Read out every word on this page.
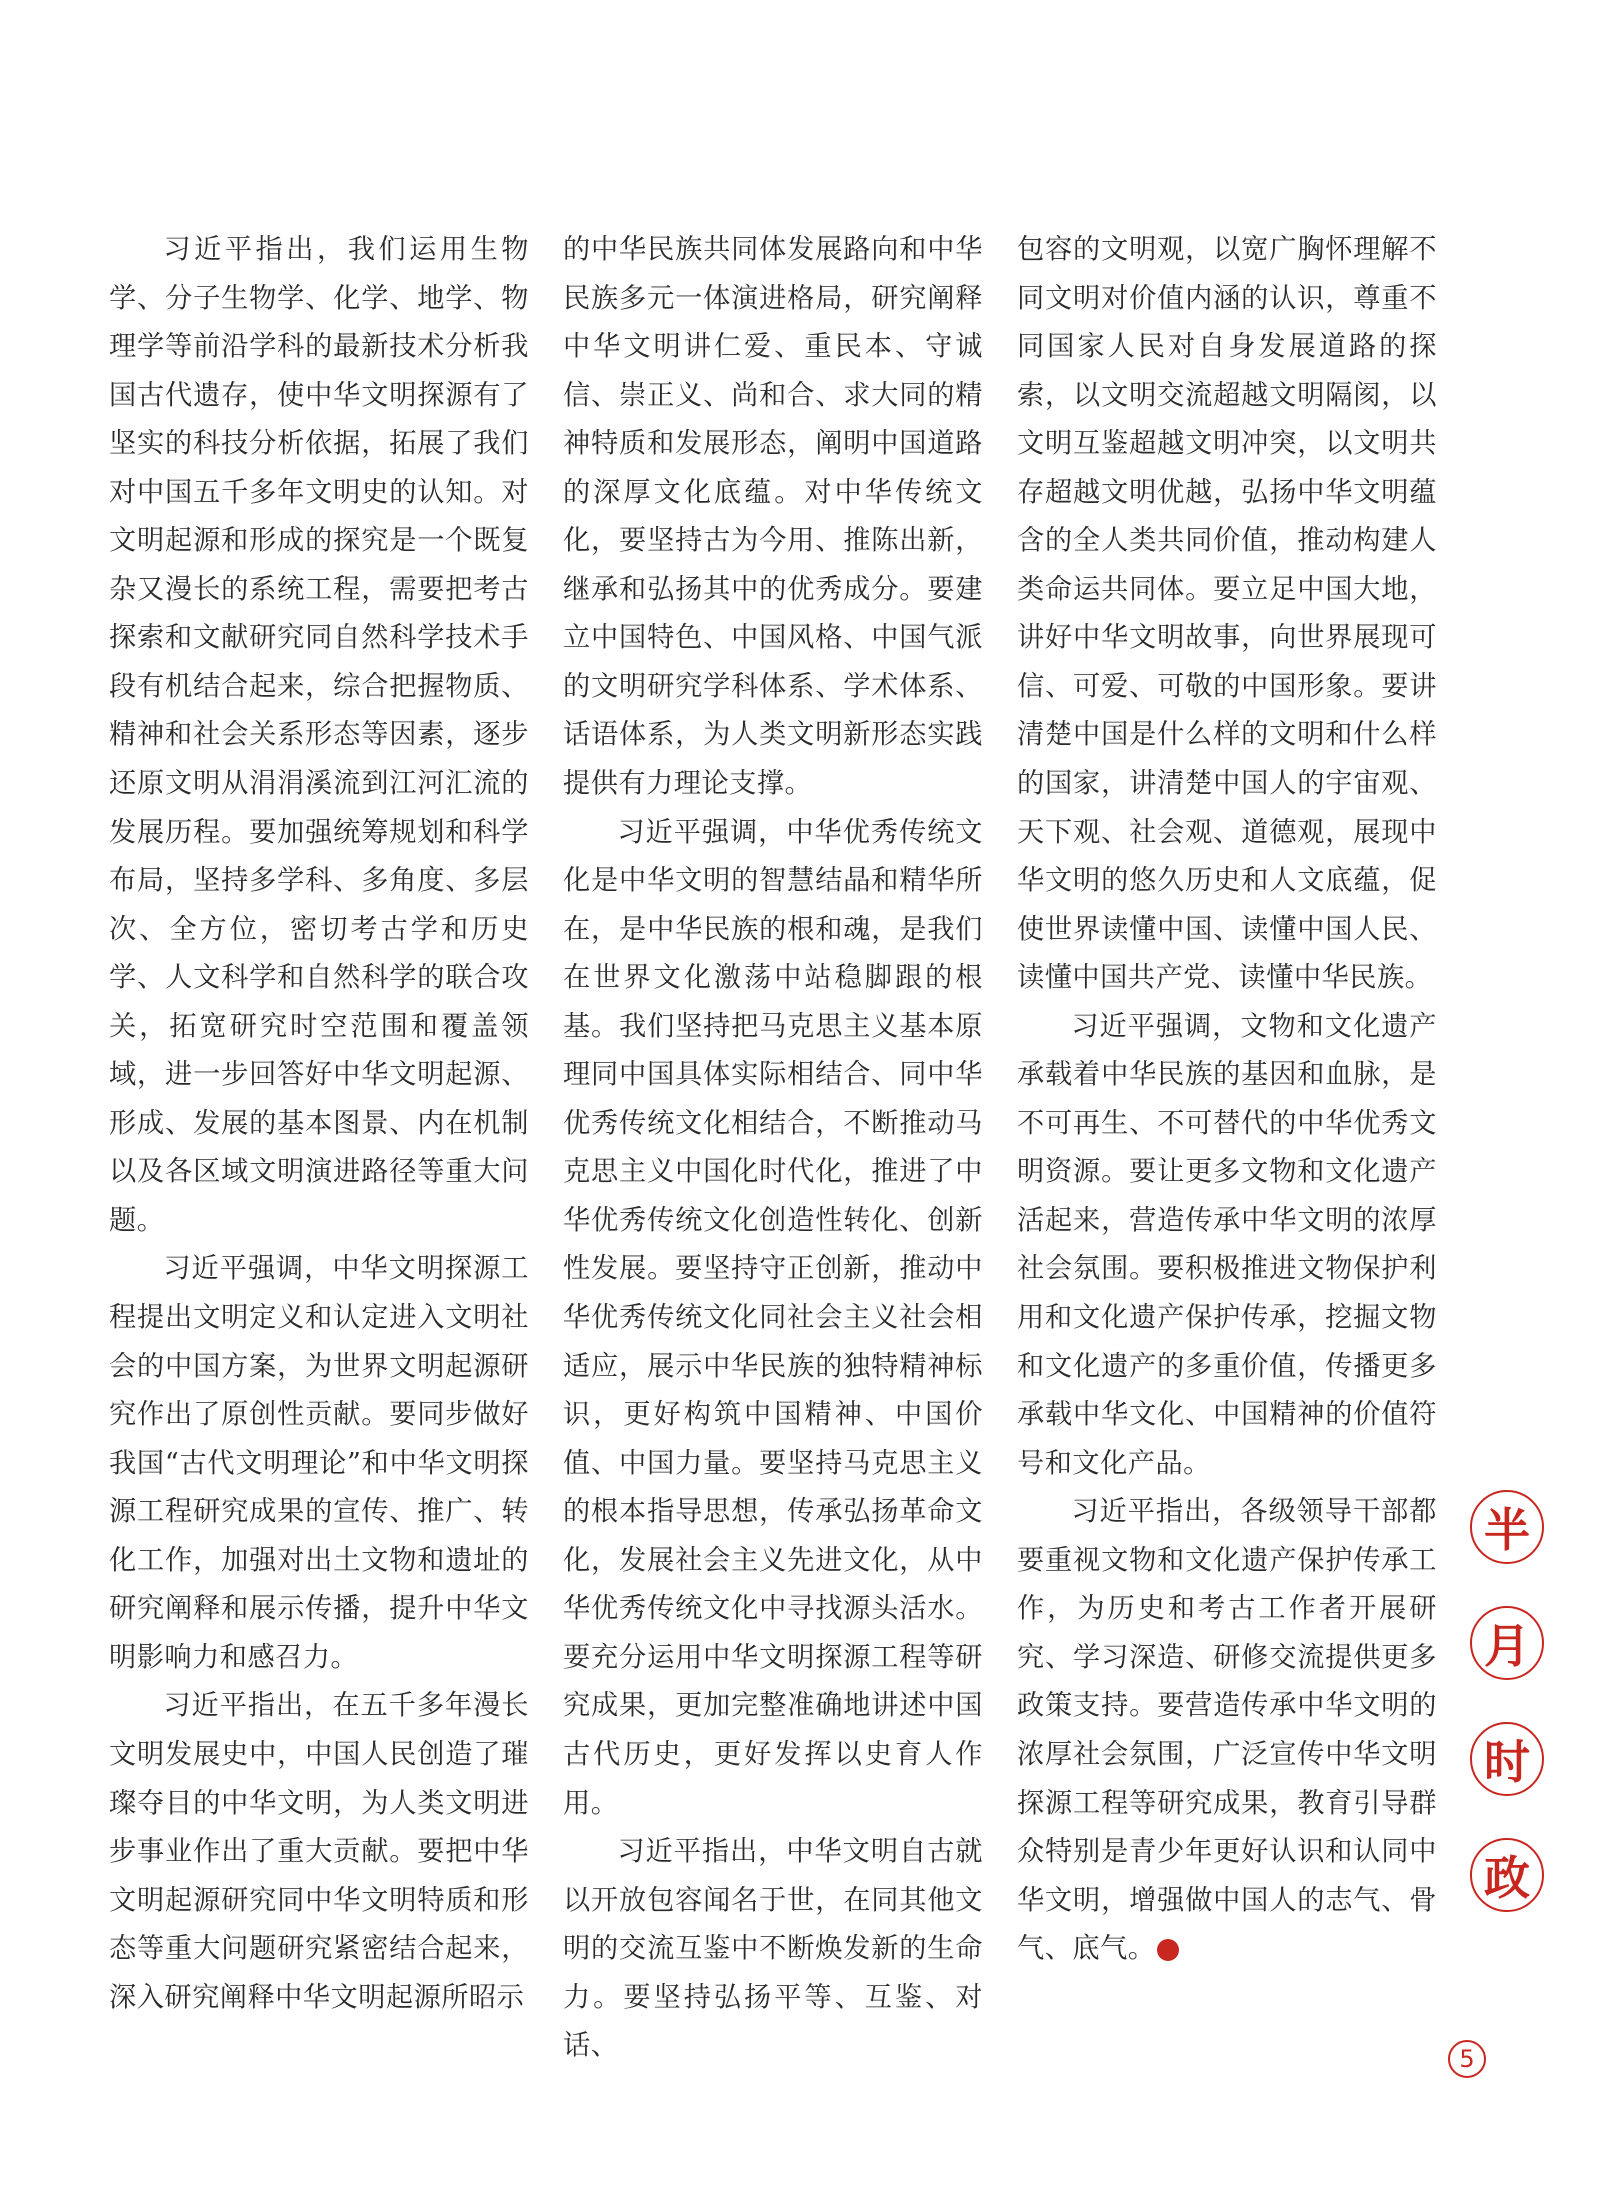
习近平指出，我们运用生物学、分子生物学、化学、地学、物理学等前沿学科的最新技术分析我国古代遗存，使中华文明探源有了坚实的科技分析依据，拓展了我们对中国五千多年文明史的认知。对文明起源和形成的探究是一个既复杂又漫长的系统工程，需要把考古探索和文献研究同自然科学技术手段有机结合起来，综合把握物质、精神和社会关系形态等因素，逐步还原文明从涓涓溪流到江河汇流的发展历程。要加强统筹规划和科学布局，坚持多学科、多角度、多层次、全方位，密切考古学和历史学、人文科学和自然科学的联合攻关，拓宽研究时空范围和覆盖领域，进一步回答好中华文明起源、形成、发展的基本图景、内在机制以及各区域文明演进路径等重大问题。

习近平强调，中华文明探源工程提出文明定义和认定进入文明社会的中国方案，为世界文明起源研究作出了原创性贡献。要同步做好我国“古代文明理论”和中华文明探源工程研究成果的宣传、推广、转化工作，加强对出土文物和遗址的研究阐释和展示传播，提升中华文明影响力和感召力。

习近平指出，在五千多年漫长文明发展史中，中国人民创造了璀璨夺目的中华文明，为人类文明进步事业作出了重大贡献。要把中华文明起源研究同中华文明特质和形态等重大问题研究紧密结合起来，深入研究阐释中华文明起源所昭示

的中华民族共同体发展路向和中华民族多元一体演进格局，研究阐释中华文明讲仁爱、重民本、守诚信、崇正义、尚和合、求大同的精神特质和发展形态，阐明中国道路的深厚文化底蕴。对中华传统文化，要坚持古为今用、推陈出新，继承和弘扬其中的优秀成分。要建立中国特色、中国风格、中国气派的文明研究学科体系、学术体系、话语体系，为人类文明新形态实践提供有力理论支撑。

习近平强调，中华优秀传统文化是中华文明的智慧结晶和精华所在，是中华民族的根和魂，是我们在世界文化激荡中站稳脚跟的根基。我们坚持把马克思主义基本原理同中国具体实际相结合、同中华优秀传统文化相结合，不断推动马克思主义中国化时代化，推进了中华优秀传统文化创造性转化、创新性发展。要坚持守正创新，推动中华优秀传统文化同社会主义社会相适应，展示中华民族的独特精神标识，更好构筑中国精神、中国价值、中国力量。要坚持马克思主义的根本指导思想，传承弘扬革命文化，发展社会主义先进文化，从中华优秀传统文化中寻找源头活水。要充分运用中华文明探源工程等研究成果，更加完整准确地讲述中国古代历史，更好发挥以史育人作用。

习近平指出，中华文明自古就以开放包容闻名于世，在同其他文明的交流互鉴中不断焕发新的生命力。要坚持弘扬平等、互鉴、对话、

包容的文明观，以宽广胸怀理解不同文明对价值内涵的认识，尊重不同国家人民对自身发展道路的探索，以文明交流超越文明隔阂，以文明互鉴超越文明冲突，以文明共存超越文明优越，弘扬中华文明蕴含的全人类共同价值，推动构建人类命运共同体。要立足中国大地，讲好中华文明故事，向世界展现可信、可爱、可敬的中国形象。要讲清楚中国是什么样的文明和什么样的国家，讲清楚中国人的宇宙观、天下观、社会观、道德观，展现中华文明的悠久历史和人文底蕴，促使世界读懂中国、读懂中国人民、读懂中国共产党、读懂中华民族。

习近平强调，文物和文化遗产承载着中华民族的基因和血脉，是不可再生、不可替代的中华优秀文明资源。要让更多文物和文化遗产活起来，营造传承中华文明的浓厚社会氛围。要积极推进文物保护利用和文化遗产保护传承，挖掘文物和文化遗产的多重价值，传播更多承载中华文化、中国精神的价值符号和文化产品。

习近平指出，各级领导干部都要重视文物和文化遗产保护传承工作，为历史和考古工作者开展研究、学习深造、研修交流提供更多政策支持。要营造传承中华文明的浓厚社会氛围，广泛宣传中华文明探源工程等研究成果，教育引导群众特别是青少年更好认识和认同中华文明，增强做中国人的志气、骨气、底气。

半
月
时
政
5
